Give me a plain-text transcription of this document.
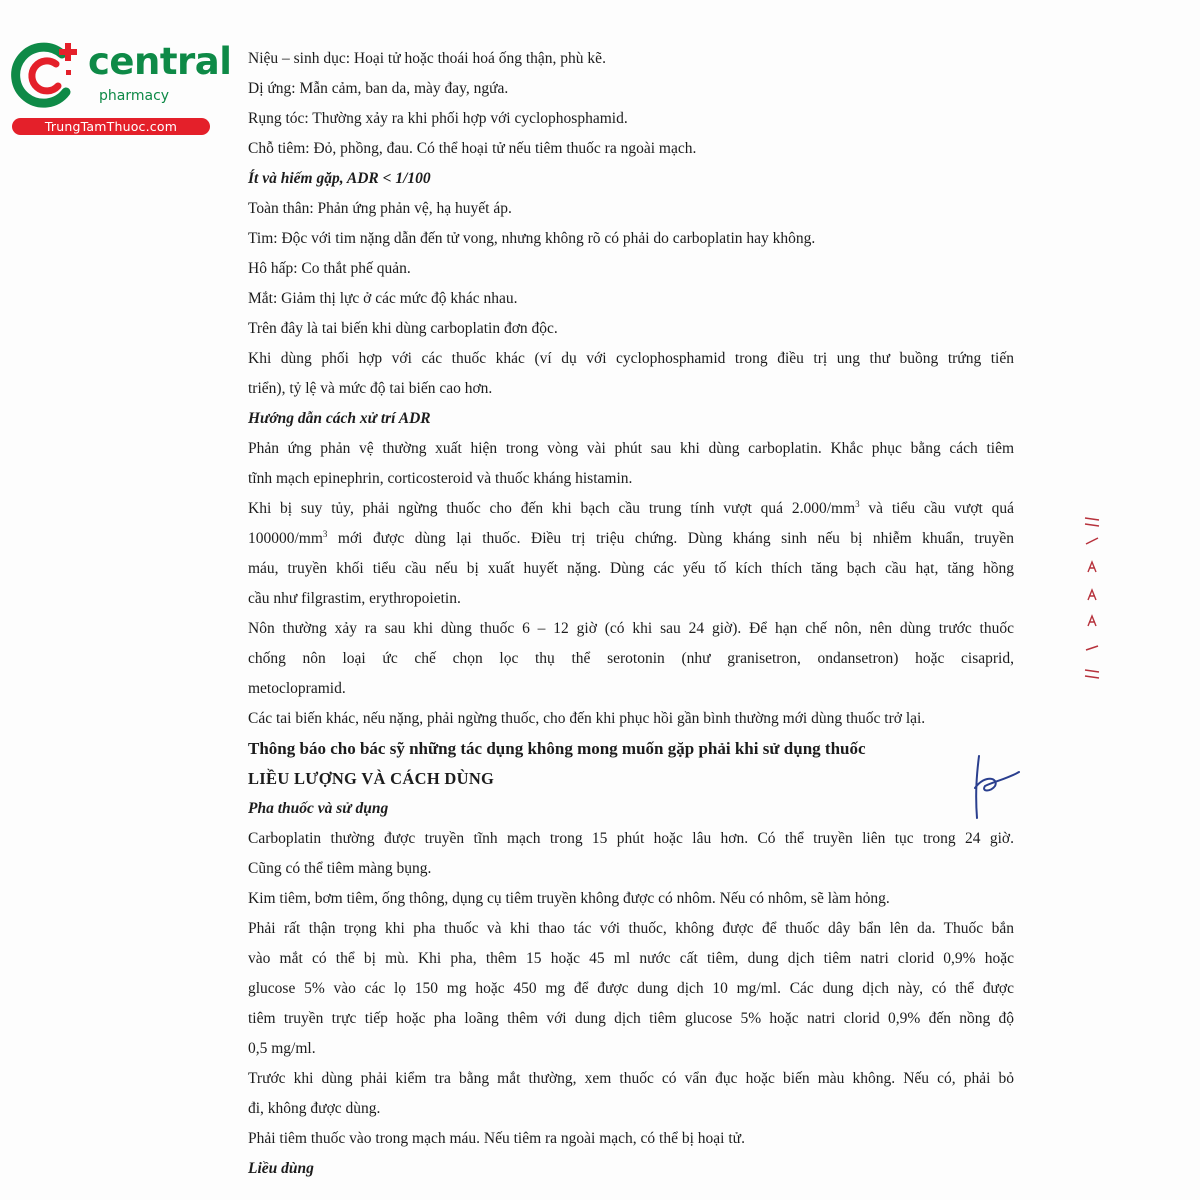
central
pharmacy
TrungTamThuoc.com
Niệu – sinh dục: Hoại tử hoặc thoái hoá ống thận, phù kẽ.
Dị ứng: Mẫn cảm, ban da, mày đay, ngứa.
Rụng tóc: Thường xảy ra khi phối hợp với cyclophosphamid.
Chỗ tiêm: Đỏ, phồng, đau. Có thể hoại tử nếu tiêm thuốc ra ngoài mạch.
Ít và hiếm gặp, ADR < 1/100
Toàn thân: Phản ứng phản vệ, hạ huyết áp.
Tim: Độc với tim nặng dẫn đến tử vong, nhưng không rõ có phải do carboplatin hay không.
Hô hấp: Co thắt phế quản.
Mắt: Giảm thị lực ở các mức độ khác nhau.
Trên đây là tai biến khi dùng carboplatin đơn độc.
Khi dùng phối hợp với các thuốc khác (ví dụ với cyclophosphamid trong điều trị ung thư buồng trứng tiến
triển), tỷ lệ và mức độ tai biến cao hơn.
Hướng dẫn cách xử trí ADR
Phản ứng phản vệ thường xuất hiện trong vòng vài phút sau khi dùng carboplatin. Khắc phục bằng cách tiêm
tĩnh mạch epinephrin, corticosteroid và thuốc kháng histamin.
Khi bị suy tủy, phải ngừng thuốc cho đến khi bạch cầu trung tính vượt quá $2.000/mm^3$ và tiểu cầu vượt quá
$100000/mm^3$ mới được dùng lại thuốc. Điều trị triệu chứng. Dùng kháng sinh nếu bị nhiễm khuẩn, truyền
máu, truyền khối tiểu cầu nếu bị xuất huyết nặng. Dùng các yếu tố kích thích tăng bạch cầu hạt, tăng hồng
cầu như filgrastim, erythropoietin.
Nôn thường xảy ra sau khi dùng thuốc 6 – 12 giờ (có khi sau 24 giờ). Để hạn chế nôn, nên dùng trước thuốc
chống nôn loại ức chế chọn lọc thụ thể serotonin (như granisetron, ondansetron) hoặc cisaprid,
metoclopramid.
Các tai biến khác, nếu nặng, phải ngừng thuốc, cho đến khi phục hồi gần bình thường mới dùng thuốc trở lại.
Thông báo cho bác sỹ những tác dụng không mong muốn gặp phải khi sử dụng thuốc
LIỀU LƯỢNG VÀ CÁCH DÙNG
Pha thuốc và sử dụng
Carboplatin thường được truyền tĩnh mạch trong 15 phút hoặc lâu hơn. Có thể truyền liên tục trong 24 giờ.
Cũng có thể tiêm màng bụng.
Kim tiêm, bơm tiêm, ống thông, dụng cụ tiêm truyền không được có nhôm. Nếu có nhôm, sẽ làm hỏng.
Phải rất thận trọng khi pha thuốc và khi thao tác với thuốc, không được để thuốc dây bẩn lên da. Thuốc bắn
vào mắt có thể bị mù. Khi pha, thêm 15 hoặc 45 ml nước cất tiêm, dung dịch tiêm natri clorid 0,9% hoặc
glucose 5% vào các lọ 150 mg hoặc 450 mg để được dung dịch 10 mg/ml. Các dung dịch này, có thể được
tiêm truyền trực tiếp hoặc pha loãng thêm với dung dịch tiêm glucose 5% hoặc natri clorid 0,9% đến nồng độ
0,5 mg/ml.
Trước khi dùng phải kiểm tra bằng mắt thường, xem thuốc có vẩn đục hoặc biến màu không. Nếu có, phải bỏ
đi, không được dùng.
Phải tiêm thuốc vào trong mạch máu. Nếu tiêm ra ngoài mạch, có thể bị hoại tử.
Liều dùng
